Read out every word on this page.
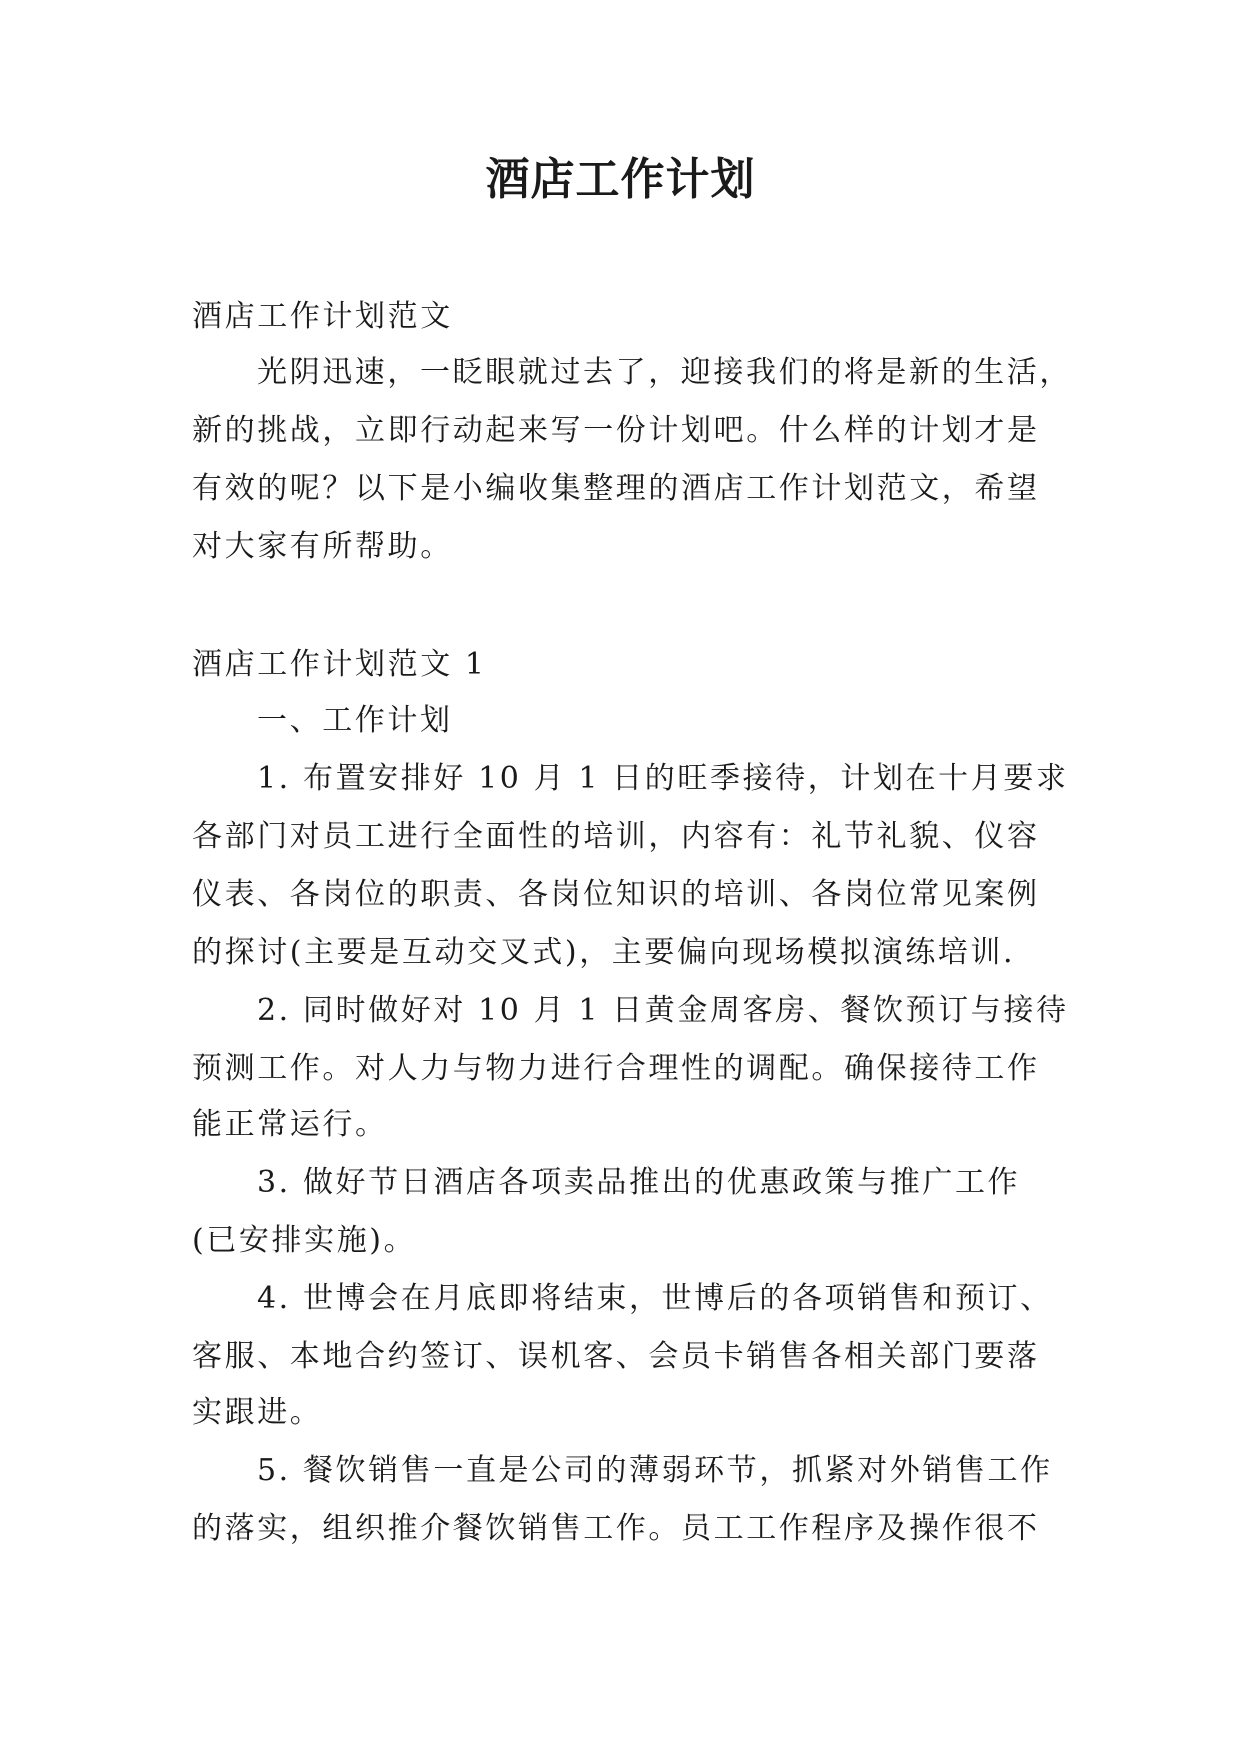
酒店工作计划
酒店工作计划范文
光阴迅速，一眨眼就过去了，迎接我们的将是新的生活，
新的挑战，立即行动起来写一份计划吧。什么样的计划才是
有效的呢？以下是小编收集整理的酒店工作计划范文，希望
对大家有所帮助。
酒店工作计划范文 1
一、工作计划
1. 布置安排好 10 月 1 日的旺季接待，计划在十月要求
各部门对员工进行全面性的培训，内容有：礼节礼貌、仪容
仪表、各岗位的职责、各岗位知识的培训、各岗位常见案例
的探讨(主要是互动交叉式)，主要偏向现场模拟演练培训.
2. 同时做好对 10 月 1 日黄金周客房、餐饮预订与接待
预测工作。对人力与物力进行合理性的调配。确保接待工作
能正常运行。
3. 做好节日酒店各项卖品推出的优惠政策与推广工作
(已安排实施)。
4. 世博会在月底即将结束，世博后的各项销售和预订、
客服、本地合约签订、误机客、会员卡销售各相关部门要落
实跟进。
5. 餐饮销售一直是公司的薄弱环节，抓紧对外销售工作
的落实，组织推介餐饮销售工作。员工工作程序及操作很不
